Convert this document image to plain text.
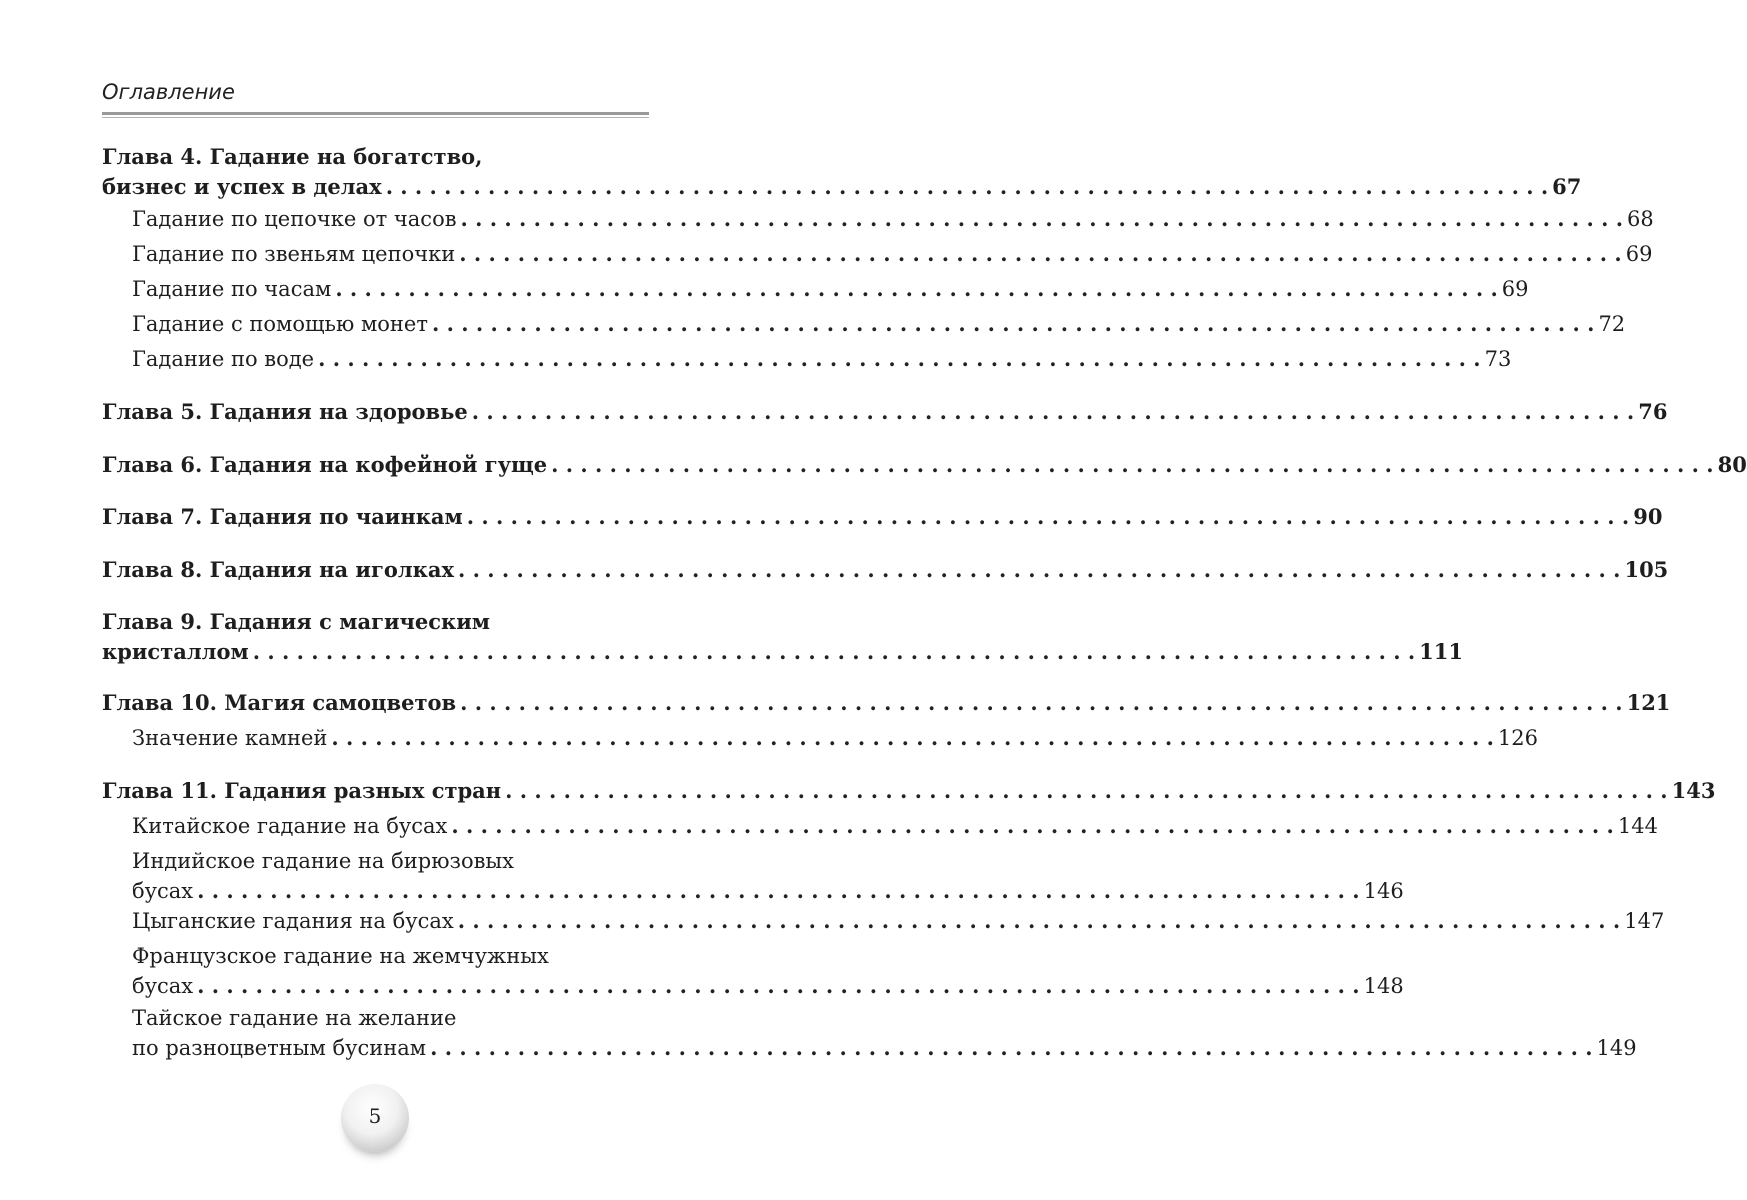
Оглавление
Глава 4. Гадание на богатство,
бизнес и успех в делах . . . . . . . . . . . . . . . . . . . . . . . . . . . . . . . . . . . . . . . . . . . . . . . . . . . . . . . . . . . . . . . . . . . . . . . . . . . . . . . . 67
Гадание по цепочке от часов . . . . . . . . . . . . . . . . . . . . . . . . . . . . . . . . . . . . . . . . . . . . . . . . . . . . . . . . . . . . . . . . . . . . . . . . . . . . . . . . 68
Гадание по звеньям цепочки . . . . . . . . . . . . . . . . . . . . . . . . . . . . . . . . . . . . . . . . . . . . . . . . . . . . . . . . . . . . . . . . . . . . . . . . . . . . . . . . 69
Гадание по часам . . . . . . . . . . . . . . . . . . . . . . . . . . . . . . . . . . . . . . . . . . . . . . . . . . . . . . . . . . . . . . . . . . . . . . . . . . . . . . . . 69
Гадание с помощью монет . . . . . . . . . . . . . . . . . . . . . . . . . . . . . . . . . . . . . . . . . . . . . . . . . . . . . . . . . . . . . . . . . . . . . . . . . . . . . . . . 72
Гадание по воде . . . . . . . . . . . . . . . . . . . . . . . . . . . . . . . . . . . . . . . . . . . . . . . . . . . . . . . . . . . . . . . . . . . . . . . . . . . . . . . . 73
Глава 5. Гадания на здоровье . . . . . . . . . . . . . . . . . . . . . . . . . . . . . . . . . . . . . . . . . . . . . . . . . . . . . . . . . . . . . . . . . . . . . . . . . . . . . . . . 76
Глава 6. Гадания на кофейной гуще . . . . . . . . . . . . . . . . . . . . . . . . . . . . . . . . . . . . . . . . . . . . . . . . . . . . . . . . . . . . . . . . . . . . . . . . . . . . . . . . 80
Глава 7. Гадания по чаинкам . . . . . . . . . . . . . . . . . . . . . . . . . . . . . . . . . . . . . . . . . . . . . . . . . . . . . . . . . . . . . . . . . . . . . . . . . . . . . . . . 90
Глава 8. Гадания на иголках . . . . . . . . . . . . . . . . . . . . . . . . . . . . . . . . . . . . . . . . . . . . . . . . . . . . . . . . . . . . . . . . . . . . . . . . . . . . . . . . 105
Глава 9. Гадания с магическим
кристаллом . . . . . . . . . . . . . . . . . . . . . . . . . . . . . . . . . . . . . . . . . . . . . . . . . . . . . . . . . . . . . . . . . . . . . . . . . . . . . . . . 111
Глава 10. Магия самоцветов . . . . . . . . . . . . . . . . . . . . . . . . . . . . . . . . . . . . . . . . . . . . . . . . . . . . . . . . . . . . . . . . . . . . . . . . . . . . . . . . 121
Значение камней . . . . . . . . . . . . . . . . . . . . . . . . . . . . . . . . . . . . . . . . . . . . . . . . . . . . . . . . . . . . . . . . . . . . . . . . . . . . . . . . 126
Глава 11. Гадания разных стран . . . . . . . . . . . . . . . . . . . . . . . . . . . . . . . . . . . . . . . . . . . . . . . . . . . . . . . . . . . . . . . . . . . . . . . . . . . . . . . . 143
Китайское гадание на бусах . . . . . . . . . . . . . . . . . . . . . . . . . . . . . . . . . . . . . . . . . . . . . . . . . . . . . . . . . . . . . . . . . . . . . . . . . . . . . . . . 144
Индийское гадание на бирюзовых
бусах . . . . . . . . . . . . . . . . . . . . . . . . . . . . . . . . . . . . . . . . . . . . . . . . . . . . . . . . . . . . . . . . . . . . . . . . . . . . . . . . 146
Цыганские гадания на бусах . . . . . . . . . . . . . . . . . . . . . . . . . . . . . . . . . . . . . . . . . . . . . . . . . . . . . . . . . . . . . . . . . . . . . . . . . . . . . . . . 147
Французское гадание на жемчужных
бусах . . . . . . . . . . . . . . . . . . . . . . . . . . . . . . . . . . . . . . . . . . . . . . . . . . . . . . . . . . . . . . . . . . . . . . . . . . . . . . . . 148
Тайское гадание на желание
по разноцветным бусинам . . . . . . . . . . . . . . . . . . . . . . . . . . . . . . . . . . . . . . . . . . . . . . . . . . . . . . . . . . . . . . . . . . . . . . . . . . . . . . . . 149
5
